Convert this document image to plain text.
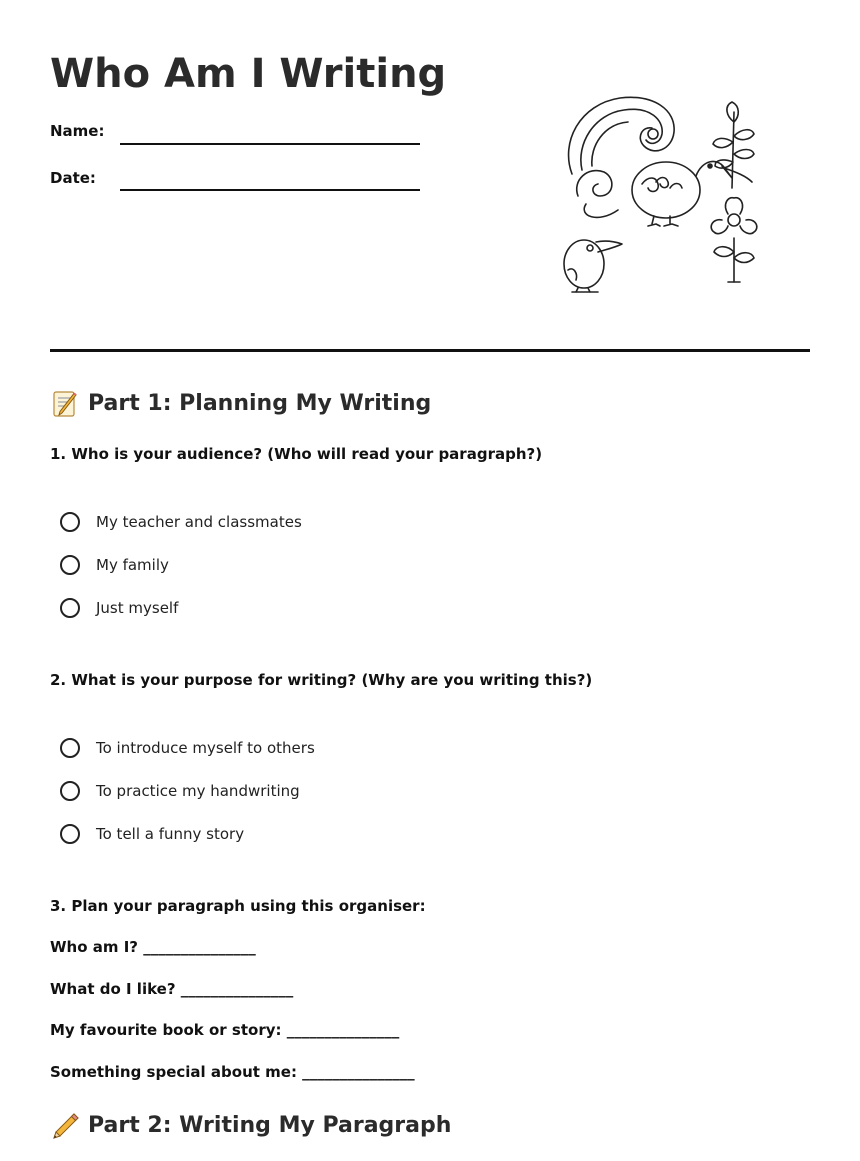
Who Am I Writing
Name:
Date:
Part 1: Planning My Writing
1. Who is your audience? (Who will read your paragraph?)
My teacher and classmates
My family
Just myself
2. What is your purpose for writing? (Why are you writing this?)
To introduce myself to others
To practice my handwriting
To tell a funny story
3. Plan your paragraph using this organiser:
Who am I? _______________
What do I like? _______________
My favourite book or story: _______________
Something special about me: _______________
Part 2: Writing My Paragraph
